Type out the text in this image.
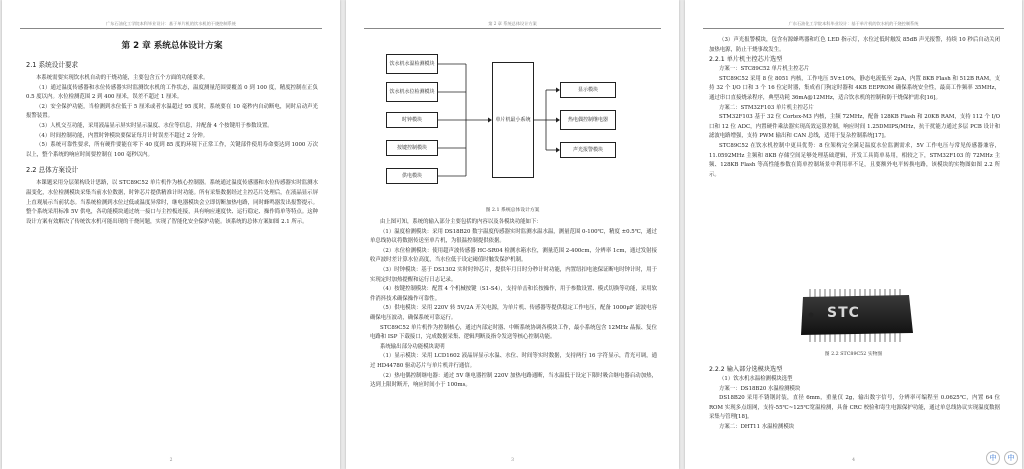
广东石油化工学院本科毕业设计：基于单片机的饮水机的干烧控制系统
第 2 章 系统总体设计方案
2.1 系统设计要求

本系统需要实现饮水机自动的干烧功能，主要包含五个方面的功能要求。

（1）通过温度传感器和水位传感器实时监测饮水机的工作状态，温度测量范围要覆盖 0 到 100 度，精度控制在正负 0.5 度以内。水位检测范围 2 到 400 厘米，误差不超过 1 厘米。

（2）安全保护功能，当检测到水位低于 5 厘米或者水温超过 95 度时，系统要在 10 毫秒内自动断电，同时启动声光报警装置。

（3）人机交互功能，采用液晶显示屏实时显示温度、水位等信息，并配备 4 个按键用于参数设置。

（4）时间控制功能，内置时钟模块要保证每月计时误差不超过 2 分钟。

（5）系统可靠性要求，所有硬件要能在零下 40 度到 85 度的环境下正常工作，关键部件使用寿命要达到 1000 万次以上，整个系统的响应时间要控制在 100 毫秒以内。

2.2 总体方案设计

本课题采用分层架构设计思路，以 STC89C52 单片机作为核心控制器。系统通过温度传感器和水位传感器实时监测水温变化，水位检测模块采集当前水位数据，时钟芯片提供精准计时功能。所有采集数据经过主控芯片处理后，在液晶显示屏上直观展示当前状态。当系统检测到水位过低或温度异常时，继电器模块会立即切断加热电路，同时蜂鸣器发出报警提示。整个系统采用标准 5V 供电，各功能模块通过统一接口与主控板连接，具有响应速度快、运行稳定、操作简单等特点。这种设计方案有效解决了传统饮水机可能出现的干烧问题，实现了智能化安全保护功能。该系统的总体方案如图 2.1 所示。

2
第 2 章 系统总体设计方案
饮水机水温检测模块
饮水机水位检测模块
时钟模块
按键控制模块
供电模块
单片机最小系统
显示模块
热电偶控制继电器
声光报警模块
图 2.1 系统总体设计方案

由上图可知，系统的输入部分主要包括的内容以及各模块功能如下：

（1）温度检测模块：采用 DS18B20 数字温度传感器实时监测水温水温，测量范围 0-100℃，精度 ±0.5℃，通过单总线协议将数据传送至单片机，为很温控制提供依据。

（2）水位检测模块：使用超声波传感器 HC-SR04 检测水箱水位，测量范围 2-400cm，分辨率 1cm，通过发射接收声波时差计算水位高度，当水位低于设定阈值时触发保护机制。

（3）时钟模块：基于 DS1302 实时时钟芯片，提供年月日时分秒计时功能，内置纽扣电池保证断电时钟计时，用于实现定时加热提醒和运行日志记录。

（4）按键控制模块：配置 4 个机械按键（S1-S4），支持单击和长按操作，用于参数设置、模式切换等功能，采用软件消抖技术确保操作可靠性。

（5）供电模块：采用 220V 转 5V/2A 开关电源，为单片机、传感器等提供稳定工作电压，配备 1000μF 滤波电容确保电压波动，确保系统可靠运行。

STC89C52 单片机作为控制核心，通过内部定时器、中断系统协调各模块工作，最小系统包含 12MHz 晶振、复位电路和 ISP 下载接口，完成数据采集、逻辑判断及指令发送等核心控制功能。

系统输出部分功能模块说明

（1）显示模块：采用 LCD1602 液晶屏显示水温、水位、时间等实时数据，支持两行 16 字符显示，背光可调，通过 HD44780 驱动芯片与单片机并行通信。

（2）热电偶控制继电器：通过 5V 继电器控制 220V 加热电路通断，当水温低于设定下限时吸合继电器启动加热，达到上限时断开，响应时间小于 100ms。

3
广东石油化工学院本科毕业设计：基于单片机的饮水机的干烧控制系统

（3）声光报警模块，包含有源蜂鸣器和红色 LED 指示灯，水位过低时触发 85dB 声光报警，持续 10 秒后自动关闭加热电源，防止干烧事故发生。

2.2.1 单片机主控芯片选型

方案一：STC89C52 单片机主控芯片

STC89C52 采用 8 位 8051 内核，工作电压 5V±10%，静态电流低至 2μA，内置 8KB Flash 和 512B RAM，支持 32 个 I/O 口和 3 个 16 位定时器，集成看门狗定时器和 4KB EEPROM 确保系统安全性，最高工作频率 35MHz，通过串口直接烧录程序，典型功耗 36mA@12MHz，适合饮水机的控制和防干烧保护需求[16]。

方案二：STM32F103 单片机主控芯片

STM32F103 基于 32 位 Cortex-M3 内核，主频 72MHz，配备 128KB Flash 和 20KB RAM，支持 112 个 I/O 口和 12 位 ADC，内置硬件乘法器实现高效运算控制，响应时间 1.25DMIPS/MHz，抗干扰能力通过多层 PCB 设计和滤波电路增强，支持 PWM 输出和 CAN 总线，适用于复杂控制系统[17]。

STC89C52 在饮水机控制中更具优势：8 位架构完全满足温度水位监测需求，5V 工作电压与常见传感器兼容，11.0592MHz 主频和 8KB 存储空间足够处理基础逻辑，开发工具简单易用，相较之下，STM32F103 的 72MHz 主频、128KB Flash 等高性能参数在简单控制场景中利用率不足，且要额外电平转换电路，该模块的实物图如图 2.2 所示。

STC
图 2.2 STC89C52 实物图
2.2.2 输入部分选模块选型

（1）饮水机水温检测模块选型

方案一：DS18B20 水温检测模块

DS18B20 采用不锈钢封装，直径 6mm，重量仅 2g，输出数字信号，分辨率可编程至 0.0625℃，内置 64 位 ROM 实现多点组网，支持-55℃~125℃宽温检测，具备 CRC 校验和寄生电源保护功能，通过单总线协议实现温度数据采集与管理[18]。

方案二：DHT11 水温检测模块

4	中	中
